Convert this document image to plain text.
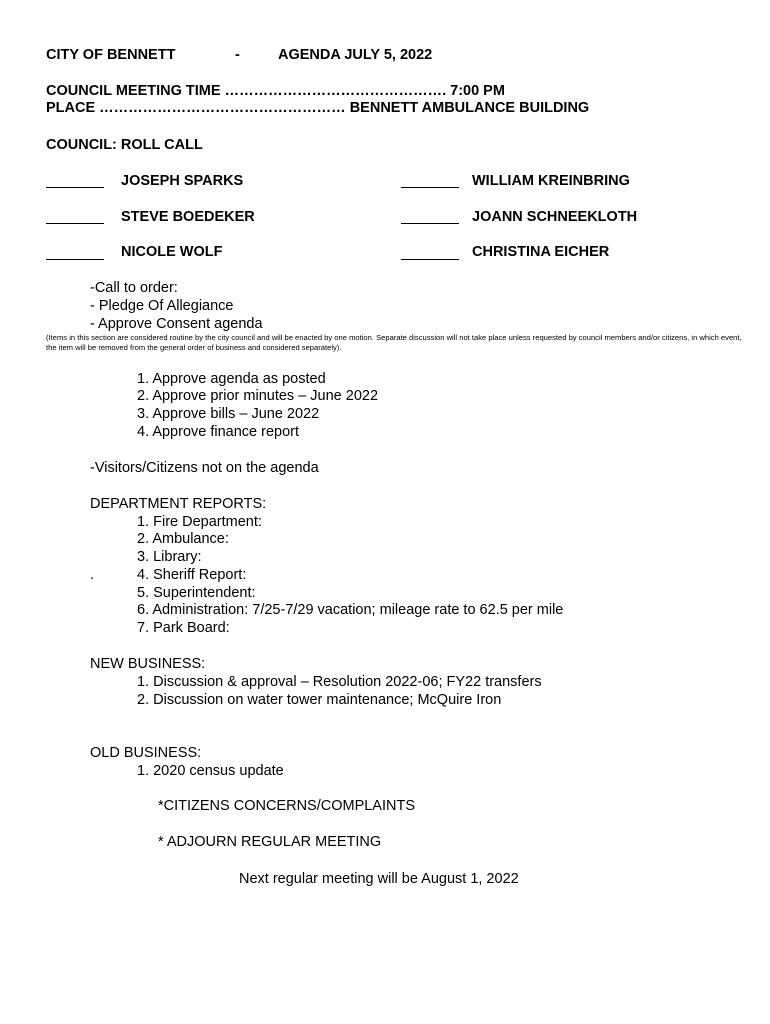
CITY OF BENNETT	-	AGENDA JULY 5, 2022
COUNCIL MEETING TIME ………………………………………. 7:00 PM
PLACE …………………………………………… BENNETT AMBULANCE BUILDING
COUNCIL: ROLL CALL
JOSEPH SPARKS	WILLIAM KREINBRING
STEVE BOEDEKER	JOANN SCHNEEKLOTH
NICOLE WOLF	CHRISTINA EICHER
-Call to order:
- Pledge Of Allegiance
- Approve Consent agenda
(Items in this section are considered routine by the city council and will be enacted by one motion. Separate discussion will not take place unless requested by council members and/or citizens, in which event, the item will be removed from the general order of business and considered separately).
1. Approve agenda as posted
2. Approve prior minutes – June 2022
3. Approve bills – June 2022
4. Approve finance report
-Visitors/Citizens not on the agenda
DEPARTMENT REPORTS:
1. Fire Department:
2. Ambulance:
3. Library:
.	4. Sheriff Report:
5. Superintendent:
6. Administration: 7/25-7/29 vacation; mileage rate to 62.5 per mile
7. Park Board:
NEW BUSINESS:
1. Discussion & approval – Resolution 2022-06; FY22 transfers
2. Discussion on water tower maintenance; McQuire Iron
OLD BUSINESS:
1. 2020 census update
*CITIZENS CONCERNS/COMPLAINTS
* ADJOURN REGULAR MEETING
Next regular meeting will be August 1, 2022
